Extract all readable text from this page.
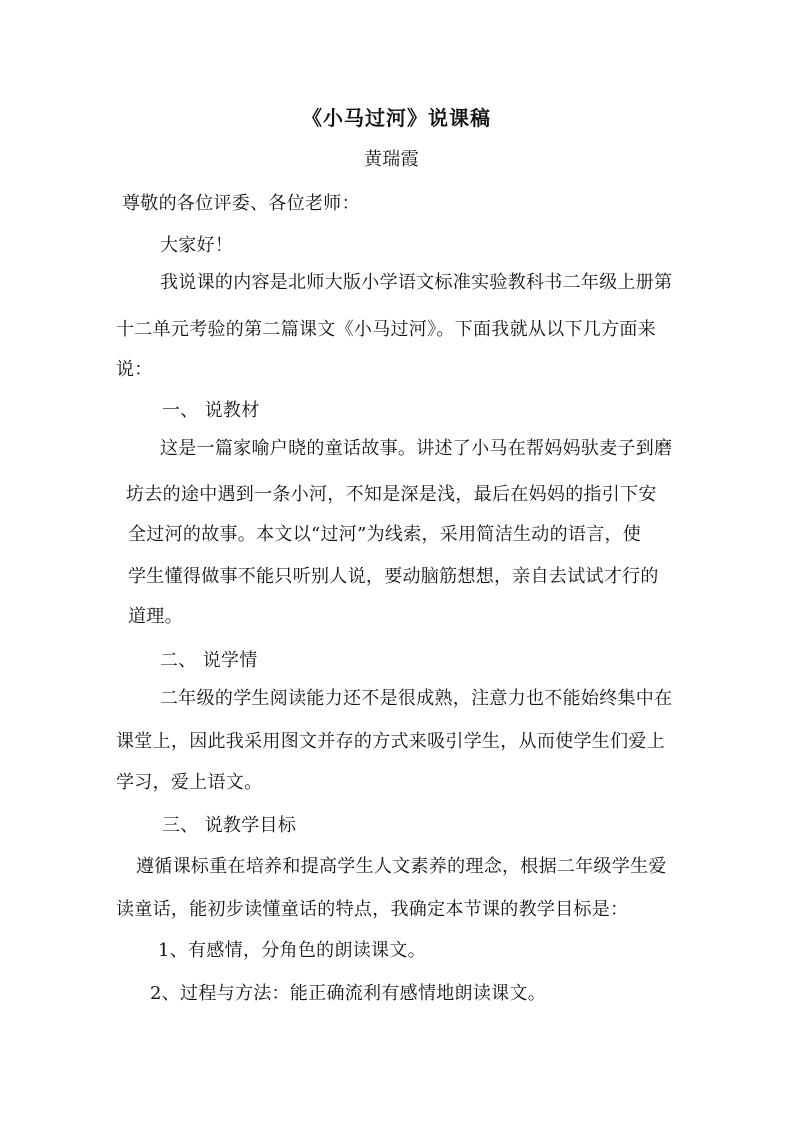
《小马过河》说课稿
黄瑞霞
尊敬的各位评委、各位老师：
大家好！
我说课的内容是北师大版小学语文标准实验教科书二年级上册第
十二单元考验的第二篇课文《小马过河》。下面我就从以下几方面来
说：
一、 说教材
这是一篇家喻户晓的童话故事。讲述了小马在帮妈妈驮麦子到磨
坊去的途中遇到一条小河，不知是深是浅，最后在妈妈的指引下安
全过河的故事。本文以“过河”为线索，采用简洁生动的语言，使
学生懂得做事不能只听别人说，要动脑筋想想，亲自去试试才行的
道理。
二、 说学情
二年级的学生阅读能力还不是很成熟，注意力也不能始终集中在
课堂上，因此我采用图文并存的方式来吸引学生，从而使学生们爱上
学习，爱上语文。
三、 说教学目标
遵循课标重在培养和提高学生人文素养的理念，根据二年级学生爱
读童话，能初步读懂童话的特点，我确定本节课的教学目标是：
1、有感情，分角色的朗读课文。
2、过程与方法：能正确流利有感情地朗读课文。
